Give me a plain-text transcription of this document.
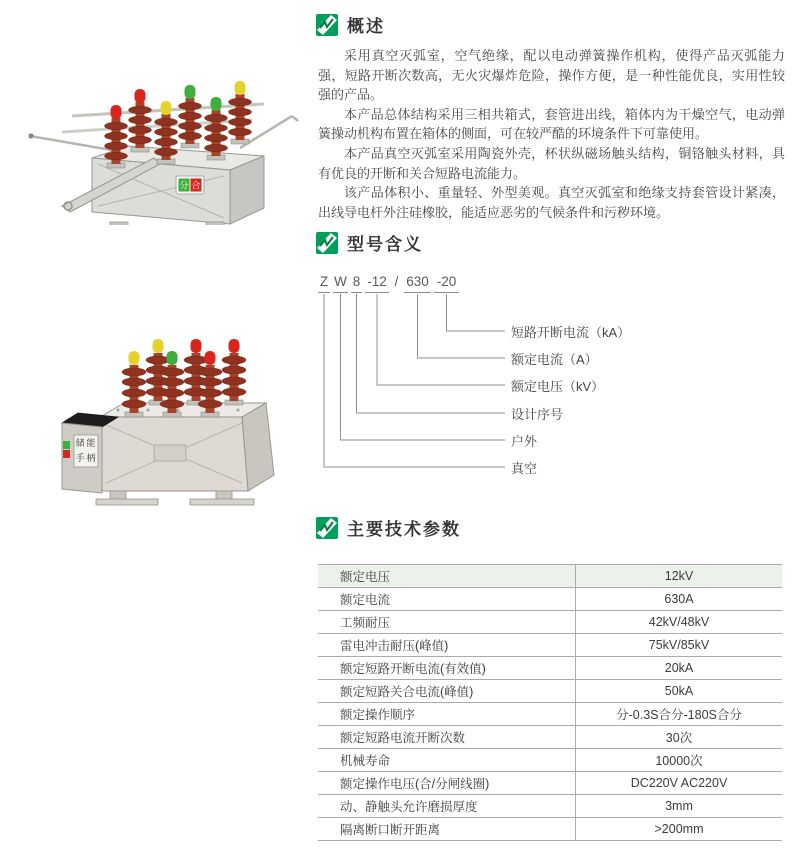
分 合
储 能
手 柄
概述

采用真空灭弧室，空气绝缘，配以电动弹簧操作机构，使得产品灭弧能力强，短路开断次数高，无火灾爆炸危险，操作方便，是一种性能优良，实用性较强的产品。

本产品总体结构采用三相共箱式，套管进出线，箱体内为干燥空气，电动弹簧操动机构布置在箱体的侧面，可在较严酷的环境条件下可靠使用。

本产品真空灭弧室采用陶瓷外壳，杯状纵磁场触头结构，铜铬触头材料，具有优良的开断和关合短路电流能力。

该产品体积小、重量轻、外型美观。真空灭弧室和绝缘支持套管设计紧凑，出线导电杆外注硅橡胶，能适应恶劣的气候条件和污秽环境。

型号含义
Z W 8 -12 / 630 -20
短路开断电流（kA）
额定电流（A）
额定电压（kV）
设计序号
户外
真空
主要技术参数
额定电压	12kV
额定电流	630A
工频耐压	42kV/48kV
雷电冲击耐压(峰值)	75kV/85kV
额定短路开断电流(有效值)	20kA
额定短路关合电流(峰值)	50kA
额定操作顺序	分-0.3S合分-180S合分
额定短路电流开断次数	30次
机械寿命	10000次
额定操作电压(合/分闸线圈)	DC220V AC220V
动、静触头允许磨损厚度	3mm
隔离断口断开距离	>200mm
